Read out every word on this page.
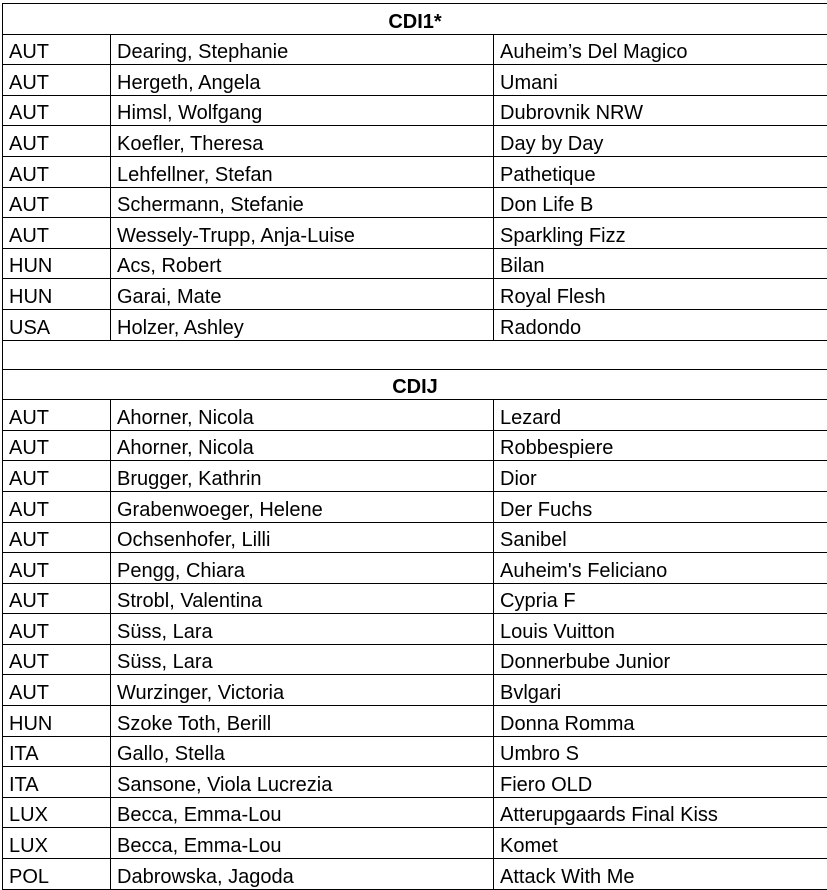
CDI1*		
AUT	Dearing, Stephanie	Auheim’s Del Magico
AUT	Hergeth, Angela	Umani
AUT	Himsl, Wolfgang	Dubrovnik NRW
AUT	Koefler, Theresa	Day by Day
AUT	Lehfellner, Stefan	Pathetique
AUT	Schermann, Stefanie	Don Life B
AUT	Wessely-Trupp, Anja-Luise	Sparkling Fizz
HUN	Acs, Robert	Bilan
HUN	Garai, Mate	Royal Flesh
USA	Holzer, Ashley	Radondo

CDIJ		
AUT	Ahorner, Nicola	Lezard
AUT	Ahorner, Nicola	Robbespiere
AUT	Brugger, Kathrin	Dior
AUT	Grabenwoeger, Helene	Der Fuchs
AUT	Ochsenhofer, Lilli	Sanibel
AUT	Pengg, Chiara	Auheim's Feliciano
AUT	Strobl, Valentina	Cypria F
AUT	Süss, Lara	Louis Vuitton
AUT	Süss, Lara	Donnerbube Junior
AUT	Wurzinger, Victoria	Bvlgari
HUN	Szoke Toth, Berill	Donna Romma
ITA	Gallo, Stella	Umbro S
ITA	Sansone, Viola Lucrezia	Fiero OLD
LUX	Becca, Emma-Lou	Atterupgaards Final Kiss
LUX	Becca, Emma-Lou	Komet
POL	Dabrowska, Jagoda	Attack With Me
